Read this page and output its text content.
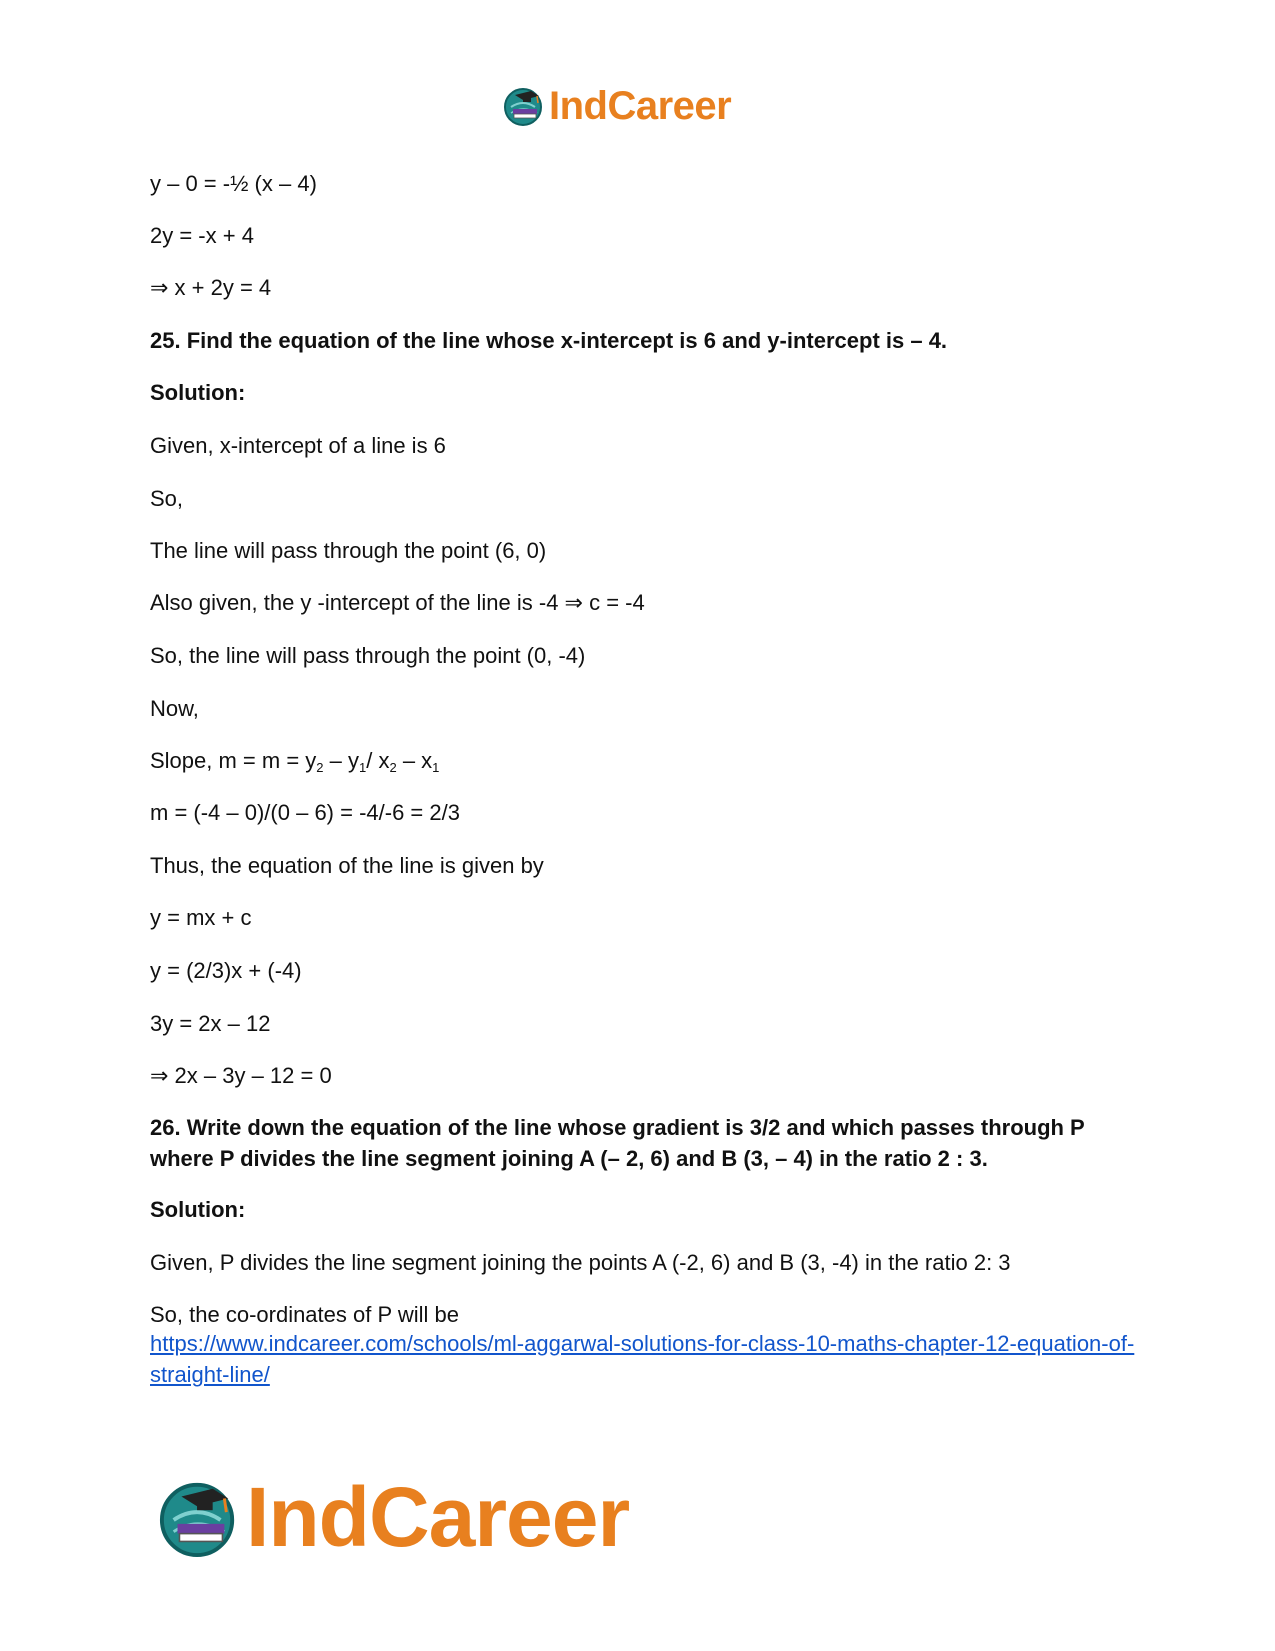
IndCareer
y – 0 = -½ (x – 4)
2y = -x + 4
⇒ x + 2y = 4
25. Find the equation of the line whose x-intercept is 6 and y-intercept is – 4.
Solution:
Given, x-intercept of a line is 6
So,
The line will pass through the point (6, 0)
Also given, the y -intercept of the line is -4 ⇒ c = -4
So, the line will pass through the point (0, -4)
Now,
Slope, $m = m = y_2 - y_1/$ $x_2 - x_1$
m = (-4 – 0)/(0 – 6) = -4/-6 = 2/3
Thus, the equation of the line is given by
y = mx + c
y = (2/3)x + (-4)
3y = 2x – 12
⇒ 2x – 3y – 12 = 0
26. Write down the equation of the line whose gradient is 3/2 and which passes through P where P divides the line segment joining A (– 2, 6) and B (3, – 4) in the ratio 2 : 3.
Solution:
Given, P divides the line segment joining the points A (-2, 6) and B (3, -4) in the ratio 2: 3
So, the co-ordinates of P will be
https://www.indcareer.com/schools/ml-aggarwal-solutions-for-class-10-maths-chapter-12-equation-of-straight-line/
IndCareer
